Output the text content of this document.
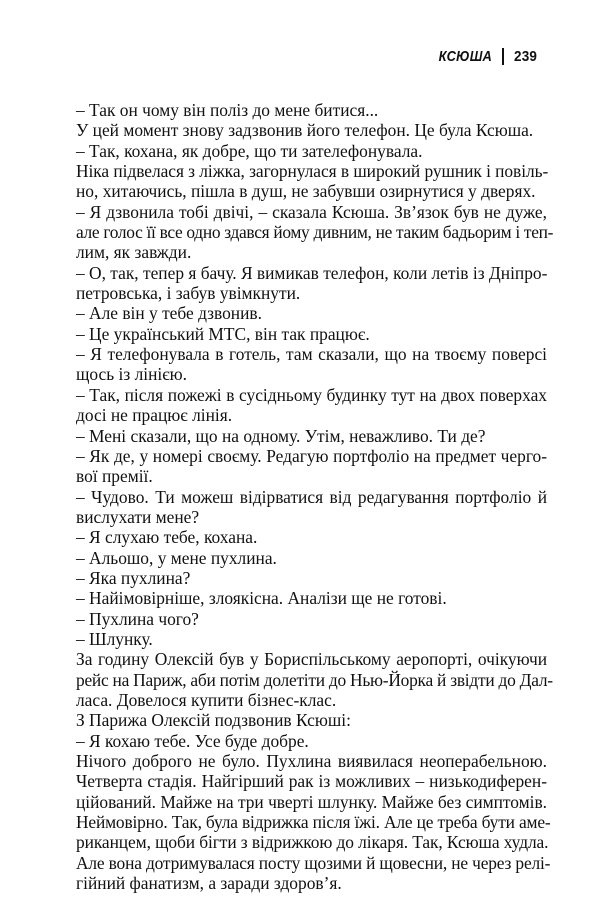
КСЮША 239

– Так он чому він поліз до мене битися...

У цей момент знову задзвонив його телефон. Це була Ксюша.

– Так, кохана, як добре, що ти зателефонувала.

Ніка підвелася з ліжка, загорнулася в широкий рушник і повіль-
но, хитаючись, пішла в душ, не забувши озирнутися у дверях.

– Я дзвонила тобі двічі, – сказала Ксюша. Зв’язок був не дуже,
але голос її все одно здався йому дивним, не таким бадьорим і теп-
лим, як завжди.

– О, так, тепер я бачу. Я вимикав телефон, коли летів із Дніпро-
петровська, і забув увімкнути.

– Але він у тебе дзвонив.

– Це український МТС, він так працює.

– Я телефонувала в готель, там сказали, що на твоєму поверсі
щось із лінією.

– Так, після пожежі в сусідньому будинку тут на двох поверхах
досі не працює лінія.

– Мені сказали, що на одному. Утім, неважливо. Ти де?

– Як де, у номері своєму. Редагую портфоліо на предмет черго-
вої премії.

– Чудово. Ти можеш відірватися від редагування портфоліо й
вислухати мене?

– Я слухаю тебе, кохана.

– Альошо, у мене пухлина.

– Яка пухлина?

– Найімовірніше, злоякісна. Аналізи ще не готові.

– Пухлина чого?

– Шлунку.

За годину Олексій був у Бориспільському аеропорті, очікуючи
рейс на Париж, аби потім долетіти до Нью-Йорка й звідти до Дал-
ласа. Довелося купити бізнес-клас.

З Парижа Олексій подзвонив Ксюші:

– Я кохаю тебе. Усе буде добре.

Нічого доброго не було. Пухлина виявилася неоперабельною.
Четверта стадія. Найгірший рак із можливих – низькодиферен-
ційований. Майже на три чверті шлунку. Майже без симптомів.
Неймовірно. Так, була відрижка після їжі. Але це треба бути аме-
риканцем, щоби бігти з відрижкою до лікаря. Так, Ксюша худла.
Але вона дотримувалася посту щозими й щовесни, не через релі-
гійний фанатизм, а заради здоров’я.
